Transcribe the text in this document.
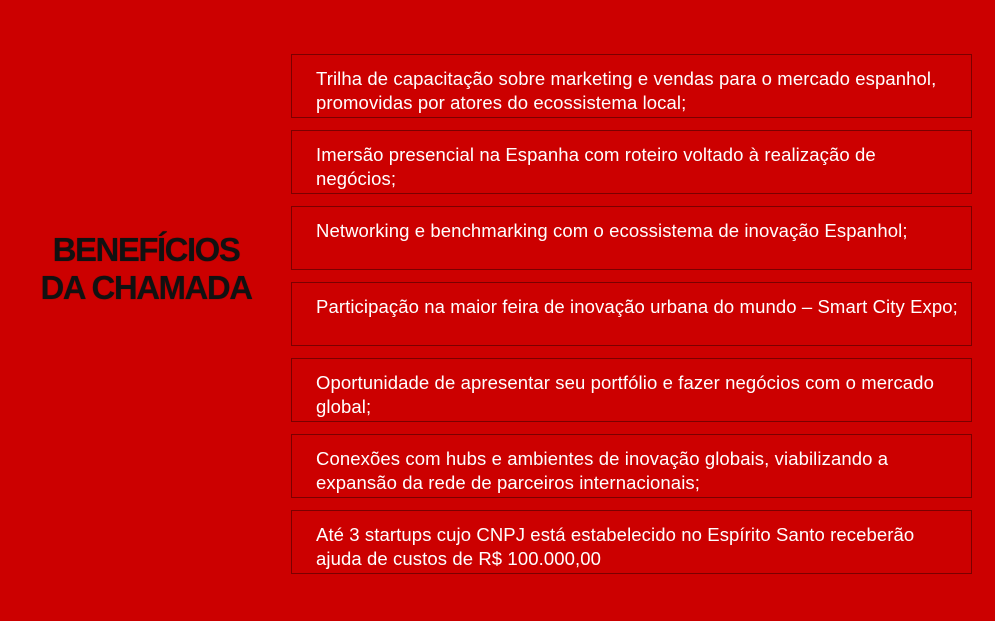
BENEFÍCIOS
DA CHAMADA
Trilha de capacitação sobre marketing e vendas para o mercado espanhol, promovidas por atores do ecossistema local;
Imersão presencial na Espanha com roteiro voltado à realização de negócios;
Networking e benchmarking com o ecossistema de inovação Espanhol;
Participação na maior feira de inovação urbana do mundo – Smart City Expo;
Oportunidade de apresentar seu portfólio e fazer negócios com o mercado global;
Conexões com hubs e ambientes de inovação globais, viabilizando a expansão da rede de parceiros internacionais;
Até 3 startups cujo CNPJ está estabelecido no Espírito Santo receberão ajuda de custos de R$ 100.000,00
